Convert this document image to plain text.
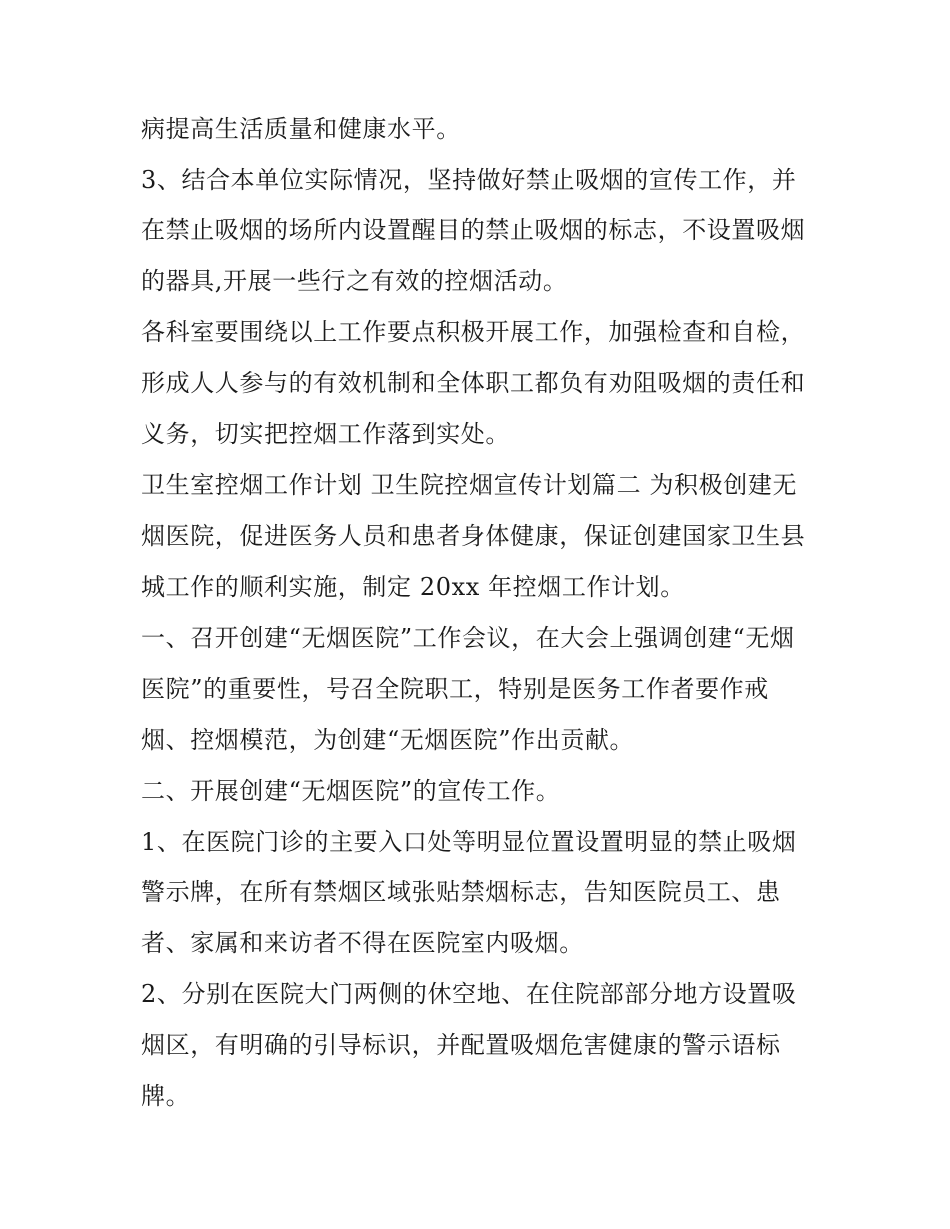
病提高生活质量和健康水平。
3、结合本单位实际情况，坚持做好禁止吸烟的宣传工作，并
在禁止吸烟的场所内设置醒目的禁止吸烟的标志，不设置吸烟
的器具,开展一些行之有效的控烟活动。
各科室要围绕以上工作要点积极开展工作，加强检查和自检，
形成人人参与的有效机制和全体职工都负有劝阻吸烟的责任和
义务，切实把控烟工作落到实处。
卫生室控烟工作计划 卫生院控烟宣传计划篇二 为积极创建无
烟医院，促进医务人员和患者身体健康，保证创建国家卫生县
城工作的顺利实施，制定 20xx 年控烟工作计划。
一、召开创建“无烟医院”工作会议，在大会上强调创建“无烟
医院”的重要性，号召全院职工，特别是医务工作者要作戒
烟、控烟模范，为创建“无烟医院”作出贡献。
二、开展创建“无烟医院”的宣传工作。
1、在医院门诊的主要入口处等明显位置设置明显的禁止吸烟
警示牌，在所有禁烟区域张贴禁烟标志，告知医院员工、患
者、家属和来访者不得在医院室内吸烟。
2、分别在医院大门两侧的休空地、在住院部部分地方设置吸
烟区，有明确的引导标识，并配置吸烟危害健康的警示语标
牌。
